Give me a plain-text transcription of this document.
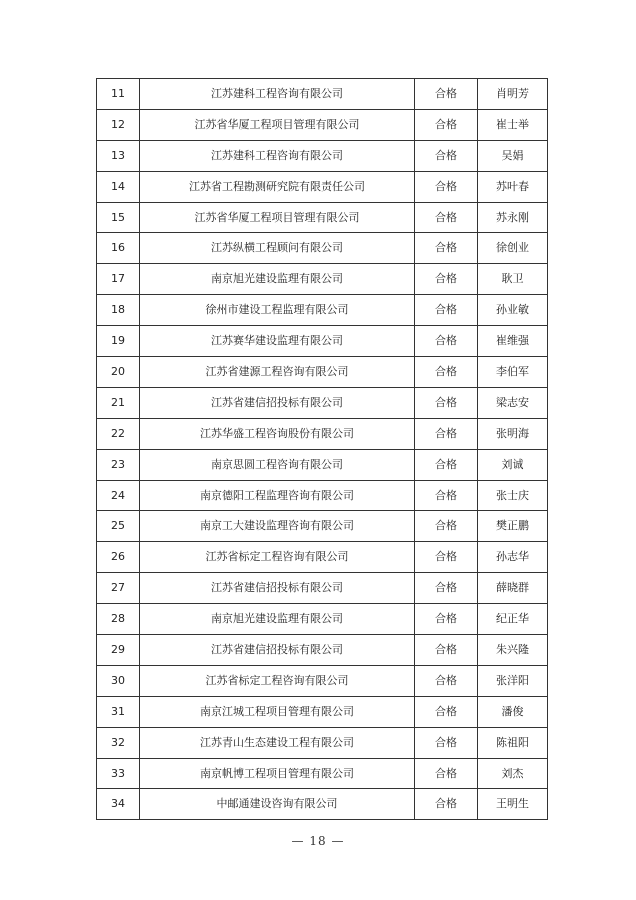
11	江苏建科工程咨询有限公司	合格	肖明芳
12	江苏省华厦工程项目管理有限公司	合格	崔士举
13	江苏建科工程咨询有限公司	合格	吴娟
14	江苏省工程勘测研究院有限责任公司	合格	苏叶春
15	江苏省华厦工程项目管理有限公司	合格	苏永刚
16	江苏纵横工程顾问有限公司	合格	徐创业
17	南京旭光建设监理有限公司	合格	耿卫
18	徐州市建设工程监理有限公司	合格	孙业敏
19	江苏赛华建设监理有限公司	合格	崔维强
20	江苏省建源工程咨询有限公司	合格	李伯军
21	江苏省建信招投标有限公司	合格	梁志安
22	江苏华盛工程咨询股份有限公司	合格	张明海
23	南京思圆工程咨询有限公司	合格	刘诚
24	南京德阳工程监理咨询有限公司	合格	张士庆
25	南京工大建设监理咨询有限公司	合格	樊正鹏
26	江苏省标定工程咨询有限公司	合格	孙志华
27	江苏省建信招投标有限公司	合格	薛晓群
28	南京旭光建设监理有限公司	合格	纪正华
29	江苏省建信招投标有限公司	合格	朱兴隆
30	江苏省标定工程咨询有限公司	合格	张洋阳
31	南京江城工程项目管理有限公司	合格	潘俊
32	江苏青山生态建设工程有限公司	合格	陈祖阳
33	南京帆博工程项目管理有限公司	合格	刘杰
34	中邮通建设咨询有限公司	合格	王明生
— 18 —
